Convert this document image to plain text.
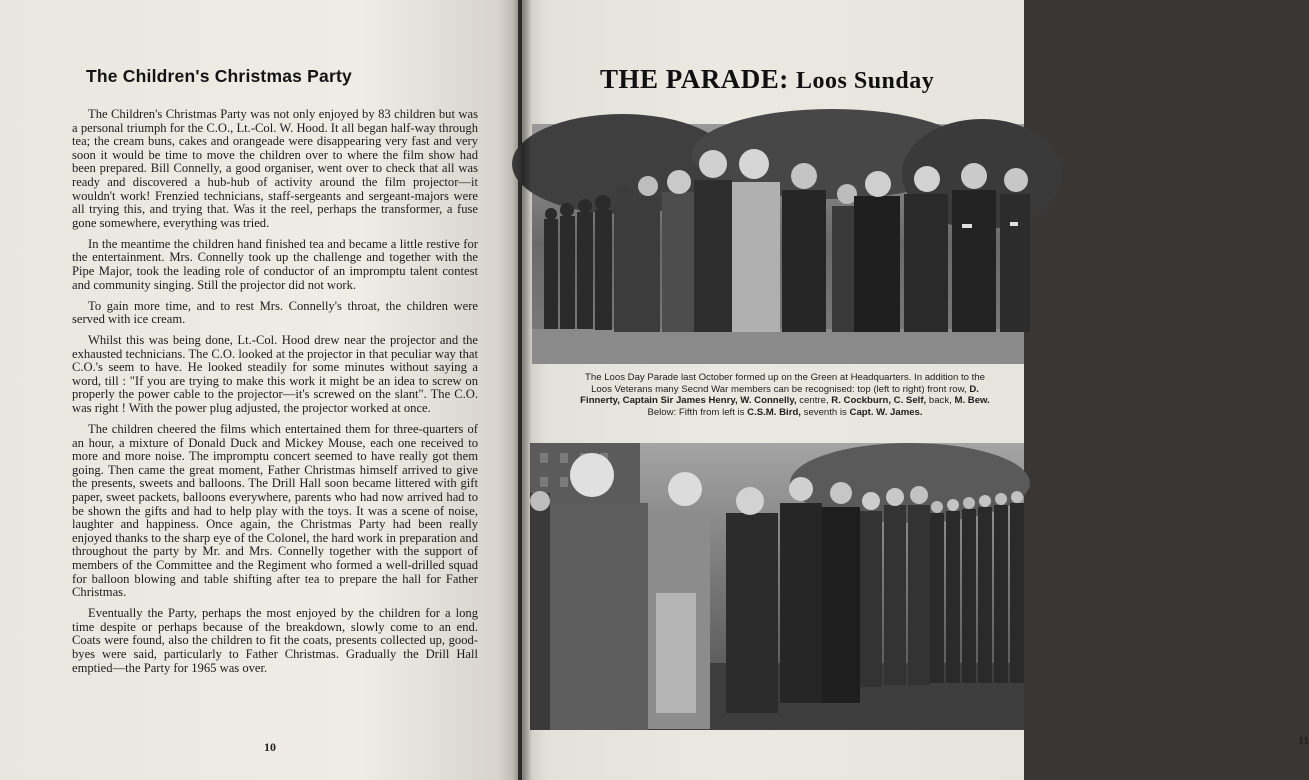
The Children's Christmas Party

The Children's Christmas Party was not only enjoyed by 83 children but was a personal triumph for the C.O., Lt.-Col. W. Hood. It all began half-way through tea; the cream buns, cakes and orangeade were disappearing very fast and very soon it would be time to move the children over to where the film show had been prepared. Bill Connelly, a good organiser, went over to check that all was ready and discovered a hub-hub of activity around the film projector—it wouldn't work! Frenzied technicians, staff-sergeants and sergeant-majors were all trying this, and trying that. Was it the reel, perhaps the transformer, a fuse gone somewhere, everything was tried.

In the meantime the children hand finished tea and became a little restive for the entertainment. Mrs. Connelly took up the challenge and together with the Pipe Major, took the leading role of conductor of an impromptu talent contest and community singing. Still the projector did not work.

To gain more time, and to rest Mrs. Connelly's throat, the children were served with ice cream.

Whilst this was being done, Lt.-Col. Hood drew near the projector and the exhausted technicians. The C.O. looked at the projector in that peculiar way that C.O.'s seem to have. He looked steadily for some minutes without saying a word, till : "If you are trying to make this work it might be an idea to screw on properly the power cable to the projector—it's screwed on the slant". The C.O. was right ! With the power plug adjusted, the projector worked at once.

The children cheered the films which entertained them for three-quarters of an hour, a mixture of Donald Duck and Mickey Mouse, each one received to more and more noise. The impromptu concert seemed to have really got them going. Then came the great moment, Father Christmas himself arrived to give the presents, sweets and balloons. The Drill Hall soon became littered with gift paper, sweet packets, balloons everywhere, parents who had now arrived had to be shown the gifts and had to help play with the toys. It was a scene of noise, laughter and happiness. Once again, the Christmas Party had been really enjoyed thanks to the sharp eye of the Colonel, the hard work in preparation and throughout the party by Mr. and Mrs. Connelly together with the support of members of the Committee and the Regiment who formed a well-drilled squad for balloon blowing and table shifting after tea to prepare the hall for Father Christmas.

Eventually the Party, perhaps the most enjoyed by the children for a long time despite or perhaps because of the breakdown, slowly come to an end. Coats were found, also the children to fit the coats, presents collected up, good-byes were said, particularly to Father Christmas. Gradually the Drill Hall emptied—the Party for 1965 was over.

10
THE PARADE: Loos Sunday
The Loos Day Parade last October formed up on the Green at Headquarters. In addition to the Loos Veterans many Secnd War members can be recognised: top (left to right) front row, D. Finnerty, Captain Sir James Henry, W. Connelly, centre, R. Cockburn, C. Self, back, M. Bew.
Below: Fifth from left is C.S.M. Bird, seventh is Capt. W. James.
11
